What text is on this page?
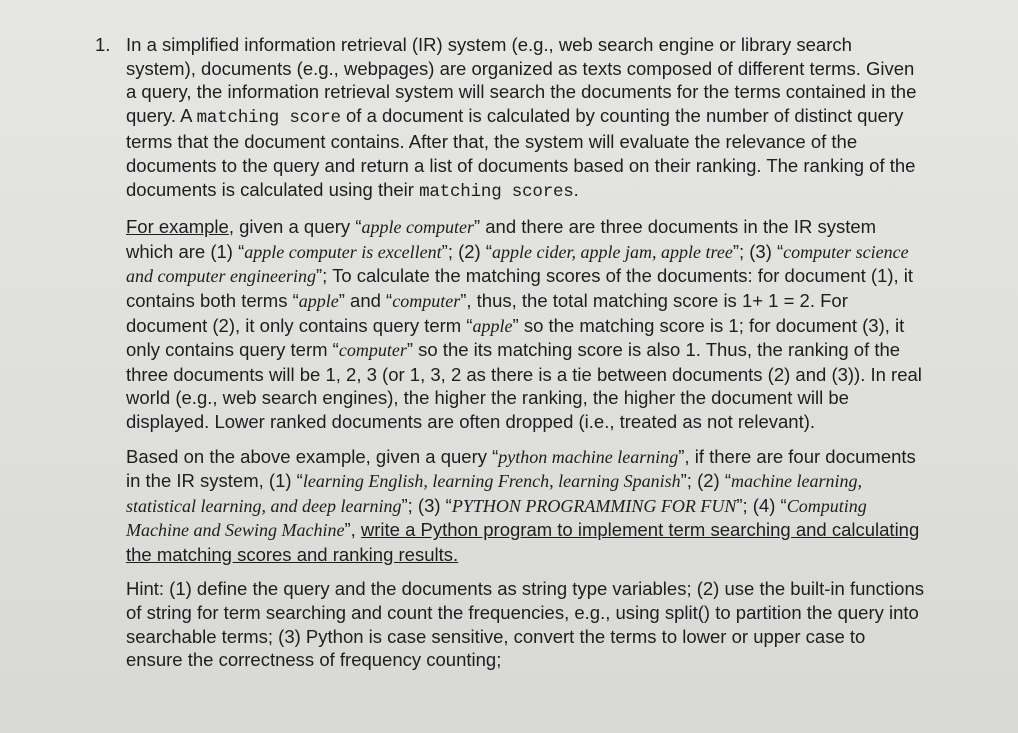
1. In a simplified information retrieval (IR) system (e.g., web search engine or library search system), documents (e.g., webpages) are organized as texts composed of different terms. Given a query, the information retrieval system will search the documents for the terms contained in the query. A matching score of a document is calculated by counting the number of distinct query terms that the document contains. After that, the system will evaluate the relevance of the documents to the query and return a list of documents based on their ranking. The ranking of the documents is calculated using their matching scores.

For example, given a query “apple computer” and there are three documents in the IR system which are (1) “apple computer is excellent”; (2) “apple cider, apple jam, apple tree”; (3) “computer science and computer engineering”; To calculate the matching scores of the documents: for document (1), it contains both terms “apple” and “computer”, thus, the total matching score is 1+ 1 = 2. For document (2), it only contains query term “apple” so the matching score is 1; for document (3), it only contains query term “computer” so the its matching score is also 1. Thus, the ranking of the three documents will be 1, 2, 3 (or 1, 3, 2 as there is a tie between documents (2) and (3)). In real world (e.g., web search engines), the higher the ranking, the higher the document will be displayed. Lower ranked documents are often dropped (i.e., treated as not relevant).

Based on the above example, given a query “python machine learning”, if there are four documents in the IR system, (1) “learning English, learning French, learning Spanish”; (2) “machine learning, statistical learning, and deep learning”; (3) “PYTHON PROGRAMMING FOR FUN”; (4) “Computing Machine and Sewing Machine”, write a Python program to implement term searching and calculating the matching scores and ranking results.

Hint: (1) define the query and the documents as string type variables; (2) use the built-in functions of string for term searching and count the frequencies, e.g., using split() to partition the query into searchable terms; (3) Python is case sensitive, convert the terms to lower or upper case to ensure the correctness of frequency counting;
